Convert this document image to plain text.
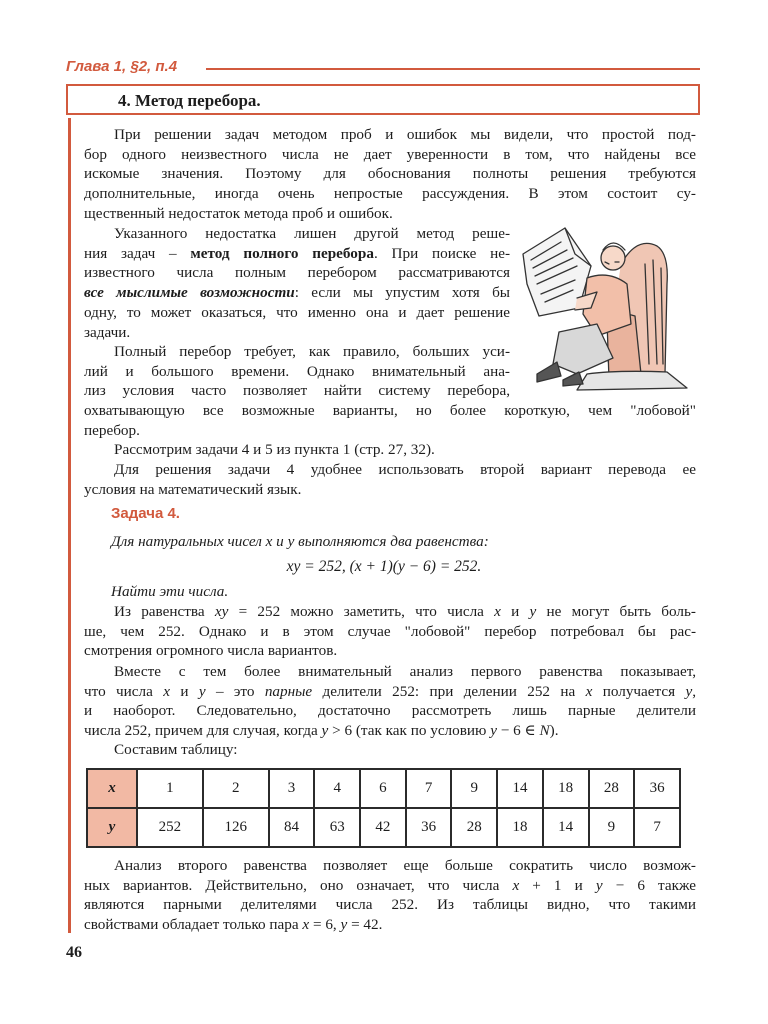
Глава 1, §2, п.4
4. Метод перебора.
При решении задач методом проб и ошибок мы видели, что простой под-
бор одного неизвестного числа не дает уверенности в том, что найдены все
искомые значения. Поэтому для обоснования полноты решения требуются
дополнительные, иногда очень непростые рассуждения. В этом состоит су-
щественный недостаток метода проб и ошибок.
Указанного недостатка лишен другой метод реше-
ния задач – метод полного перебора. При поиске не-
известного числа полным перебором рассматриваются
все мыслимые возможности: если мы упустим хотя бы
одну, то может оказаться, что именно она и дает решение
задачи.
Полный перебор требует, как правило, больших уси-
лий и большого времени. Однако внимательный ана-
лиз условия часто позволяет найти систему перебора,
охватывающую все возможные варианты, но более короткую, чем "лобовой"
перебор.
Рассмотрим задачи 4 и 5 из пункта 1 (стр. 27, 32).
Для решения задачи 4 удобнее использовать второй вариант перевода ее
условия на математический язык.
Задача 4.
Для натуральных чисел x и y выполняются два равенства:
xy = 252, (x + 1)(y − 6) = 252.
Найти эти числа.
Из равенства xy = 252 можно заметить, что числа x и y не могут быть боль-
ше, чем 252. Однако и в этом случае "лобовой" перебор потребовал бы рас-
смотрения огромного числа вариантов.
Вместе с тем более внимательный анализ первого равенства показывает,
что числа x и y – это парные делители 252: при делении 252 на x получается y,
и наоборот. Следовательно, достаточно рассмотреть лишь парные делители
числа 252, причем для случая, когда y > 6 (так как по условию y − 6 ∈ N).
Составим таблицу:
x	1	2	3	4	6	7	9	14	18	28	36
y	252	126	84	63	42	36	28	18	14	9	7
Анализ второго равенства позволяет еще больше сократить число возмож-
ных вариантов. Действительно, оно означает, что числа x + 1 и y − 6 также
являются парными делителями числа 252. Из таблицы видно, что такими
свойствами обладает только пара x = 6, y = 42.
46
